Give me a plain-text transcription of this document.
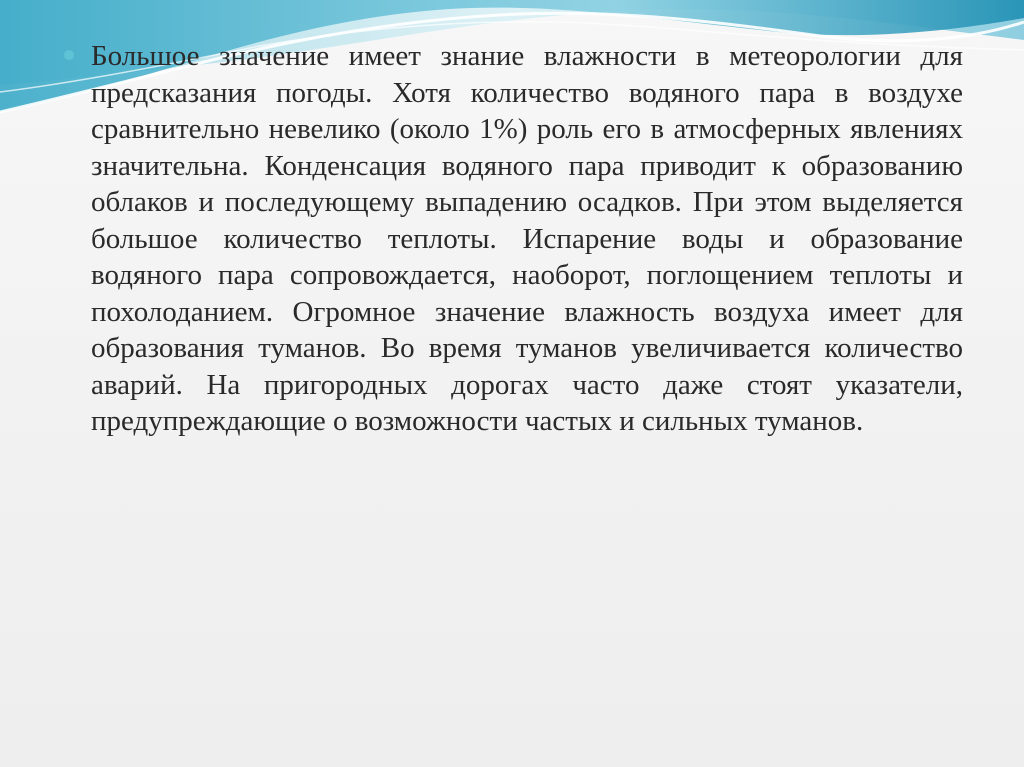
Большое значение имеет знание влажности в метеорологии для предсказания погоды. Хотя количество водяного пара в воздухе сравнительно невелико (около 1%) роль его в атмосферных явлениях значительна. Конденсация водяного пара приводит к образованию облаков и последующему выпадению осадков. При этом выделяется большое количество теплоты. Испарение воды и образование водяного пара сопровождается, наоборот, поглощением теплоты и похолоданием. Огромное значение влажность воздуха имеет для образования туманов. Во время туманов увеличивается количество аварий. На пригородных дорогах часто даже стоят указатели, предупреждающие о возможности частых и сильных туманов.
